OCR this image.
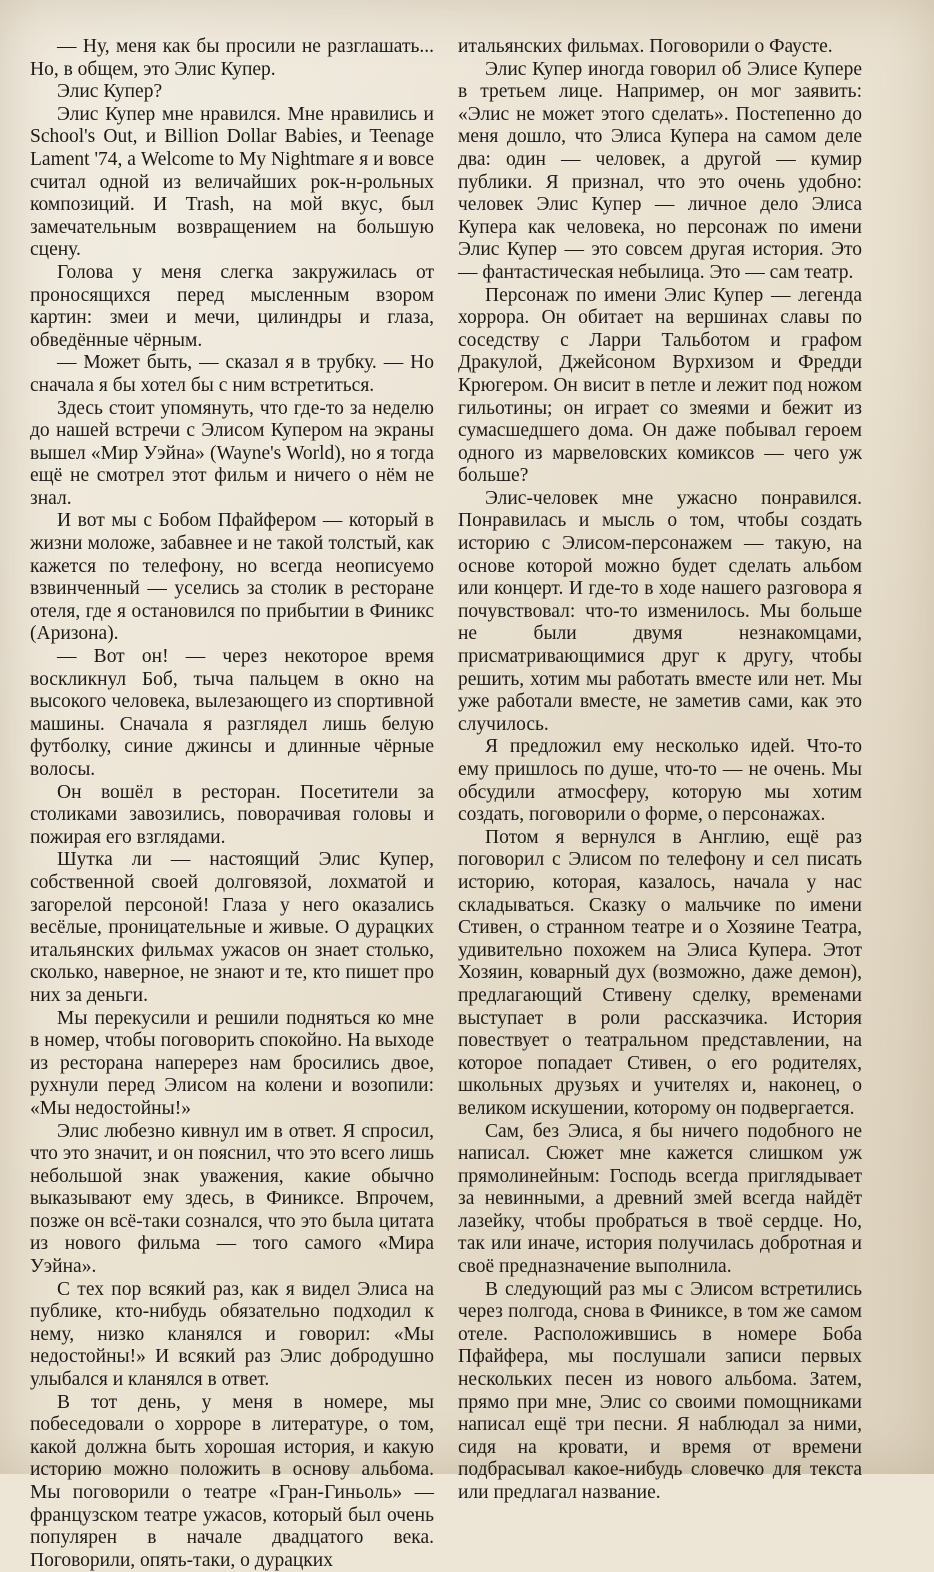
— Ну, меня как бы просили не разглашать... Но, в общем, это Элис Купер.

Элис Купер?

Элис Купер мне нравился. Мне нравились и School's Out, и Billion Dollar Babies, и Teenage Lament '74, а Welcome to My Nightmare я и вовсе считал одной из величайших рок-н-рольных композиций. И Trash, на мой вкус, был замечательным возвращением на большую сцену.

Голова у меня слегка закружилась от проносящихся перед мысленным взором картин: змеи и мечи, цилиндры и глаза, обведённые чёрным.

— Может быть, — сказал я в трубку. — Но сначала я бы хотел бы с ним встретиться.

Здесь стоит упомянуть, что где-то за неделю до нашей встречи с Элисом Купером на экраны вышел «Мир Уэйна» (Wayne's World), но я тогда ещё не смотрел этот фильм и ничего о нём не знал.

И вот мы с Бобом Пфайфером — который в жизни моложе, забавнее и не такой толстый, как кажется по телефону, но всегда неописуемо взвинченный — уселись за столик в ресторане отеля, где я остановился по прибытии в Финикс (Аризона).

— Вот он! — через некоторое время воскликнул Боб, тыча пальцем в окно на высокого человека, вылезающего из спортивной машины. Сначала я разглядел лишь белую футболку, синие джинсы и длинные чёрные волосы.

Он вошёл в ресторан. Посетители за столиками завозились, поворачивая головы и пожирая его взглядами.

Шутка ли — настоящий Элис Купер, собственной своей долговязой, лохматой и загорелой персоной! Глаза у него оказались весёлые, проницательные и живые. О дурацких итальянских фильмах ужасов он знает столько, сколько, наверное, не знают и те, кто пишет про них за деньги.

Мы перекусили и решили подняться ко мне в номер, чтобы поговорить спокойно. На выходе из ресторана наперерез нам бросились двое, рухнули перед Элисом на колени и возопили: «Мы недостойны!»

Элис любезно кивнул им в ответ. Я спросил, что это значит, и он пояснил, что это всего лишь небольшой знак уважения, какие обычно выказывают ему здесь, в Финиксе. Впрочем, позже он всё-таки сознался, что это была цитата из нового фильма — того самого «Мира Уэйна».

С тех пор всякий раз, как я видел Элиса на публике, кто-нибудь обязательно подходил к нему, низко кланялся и говорил: «Мы недостойны!» И всякий раз Элис добродушно улыбался и кланялся в ответ.

В тот день, у меня в номере, мы побеседовали о хорроре в литературе, о том, какой должна быть хорошая история, и какую историю можно положить в основу альбома. Мы поговорили о театре «Гран-Гиньоль» — французском театре ужасов, который был очень популярен в начале двадцатого века. Поговорили, опять-таки, о дурацких

итальянских фильмах. Поговорили о Фаусте.

Элис Купер иногда говорил об Элисе Купере в третьем лице. Например, он мог заявить: «Элис не может этого сделать». Постепенно до меня дошло, что Элиса Купера на самом деле два: один — человек, а другой — кумир публики. Я признал, что это очень удобно: человек Элис Купер — личное дело Элиса Купера как человека, но персонаж по имени Элис Купер — это совсем другая история. Это — фантастическая небылица. Это — сам театр.

Персонаж по имени Элис Купер — легенда хоррора. Он обитает на вершинах славы по соседству с Ларри Тальботом и графом Дракулой, Джейсоном Вурхизом и Фредди Крюгером. Он висит в петле и лежит под ножом гильотины; он играет со змеями и бежит из сумасшедшего дома. Он даже побывал героем одного из марвеловских комиксов — чего уж больше?

Элис-человек мне ужасно понравился. Понравилась и мысль о том, чтобы создать историю с Элисом-персонажем — такую, на основе которой можно будет сделать альбом или концерт. И где-то в ходе нашего разговора я почувствовал: что-то изменилось. Мы больше не были двумя незнакомцами, присматривающимися друг к другу, чтобы решить, хотим мы работать вместе или нет. Мы уже работали вместе, не заметив сами, как это случилось.

Я предложил ему несколько идей. Что-то ему пришлось по душе, что-то — не очень. Мы обсудили атмосферу, которую мы хотим создать, поговорили о форме, о персонажах.

Потом я вернулся в Англию, ещё раз поговорил с Элисом по телефону и сел писать историю, которая, казалось, начала у нас складываться. Сказку о мальчике по имени Стивен, о странном театре и о Хозяине Театра, удивительно похожем на Элиса Купера. Этот Хозяин, коварный дух (возможно, даже демон), предлагающий Стивену сделку, временами выступает в роли рассказчика. История повествует о театральном представлении, на которое попадает Стивен, о его родителях, школьных друзьях и учителях и, наконец, о великом искушении, которому он подвергается.

Сам, без Элиса, я бы ничего подобного не написал. Сюжет мне кажется слишком уж прямолинейным: Господь всегда приглядывает за невинными, а древний змей всегда найдёт лазейку, чтобы пробраться в твоё сердце. Но, так или иначе, история получилась добротная и своё предназначение выполнила.

В следующий раз мы с Элисом встретились через полгода, снова в Финиксе, в том же самом отеле. Расположившись в номере Боба Пфайфера, мы послушали записи первых нескольких песен из нового альбома. Затем, прямо при мне, Элис со своими помощниками написал ещё три песни. Я наблюдал за ними, сидя на кровати, и время от времени подбрасывал какое-нибудь словечко для текста или предлагал название.
